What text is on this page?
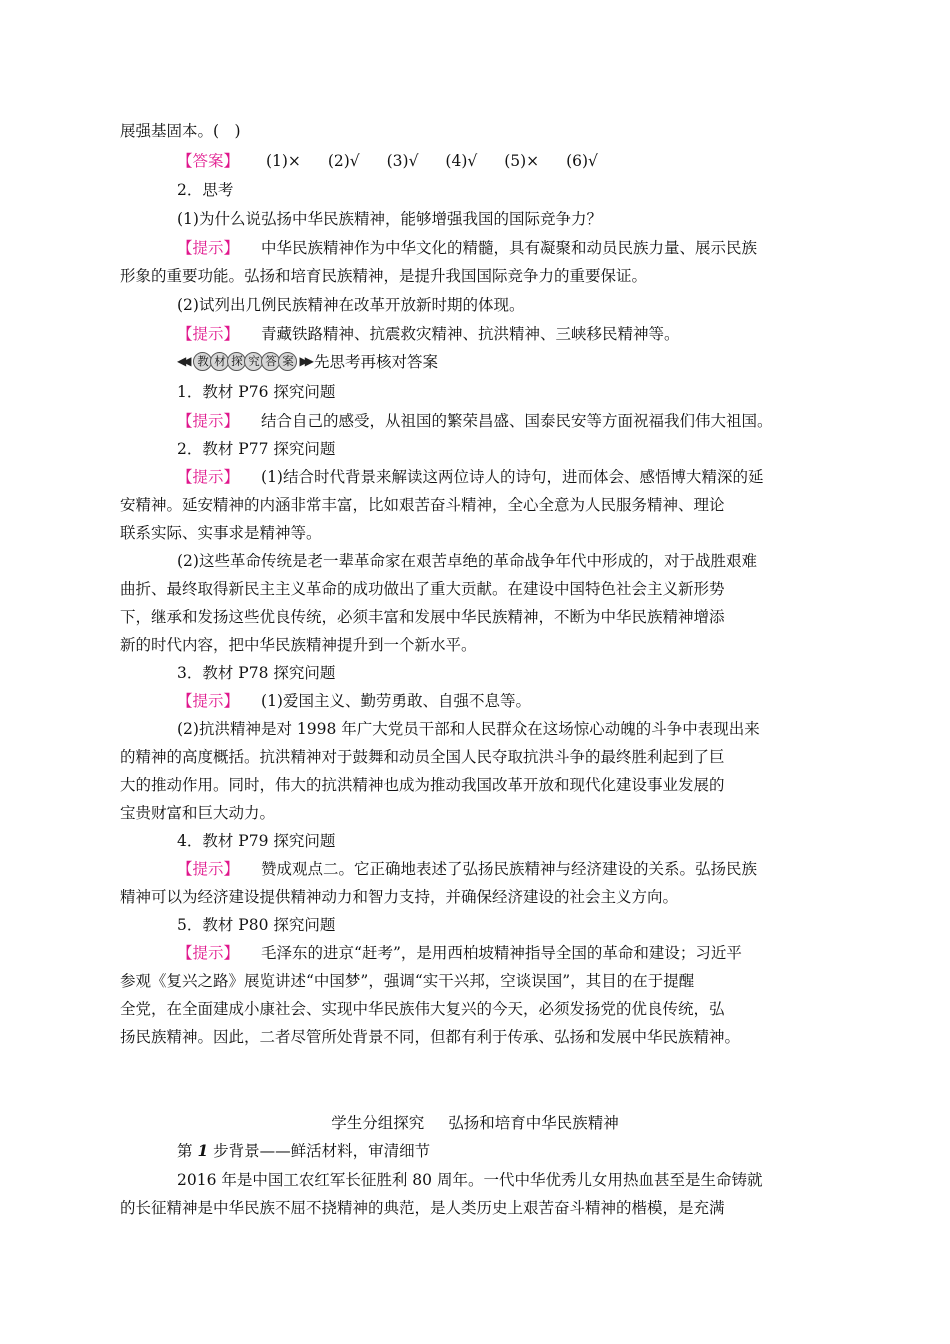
展强基固本。(　)
【答案】 (1)× (2)√ (3)√ (4)√ (5)× (6)√
2．思考
(1)为什么说弘扬中华民族精神，能够增强我国的国际竞争力？
【提示】 中华民族精神作为中华文化的精髓，具有凝聚和动员民族力量、展示民族
形象的重要功能。弘扬和培育民族精神，是提升我国国际竞争力的重要保证。
(2)试列出几例民族精神在改革开放新时期的体现。
【提示】 青藏铁路精神、抗震救灾精神、抗洪精神、三峡移民精神等。
◀◀ 教 材 探 究 答 案 ▶▶ 先思考再核对答案
1．教材 P76 探究问题
【提示】 结合自己的感受，从祖国的繁荣昌盛、国泰民安等方面祝福我们伟大祖国。
2．教材 P77 探究问题
【提示】 (1)结合时代背景来解读这两位诗人的诗句，进而体会、感悟博大精深的延
安精神。延安精神的内涵非常丰富，比如艰苦奋斗精神，全心全意为人民服务精神、理论
联系实际、实事求是精神等。
(2)这些革命传统是老一辈革命家在艰苦卓绝的革命战争年代中形成的，对于战胜艰难
曲折、最终取得新民主主义革命的成功做出了重大贡献。在建设中国特色社会主义新形势
下，继承和发扬这些优良传统，必须丰富和发展中华民族精神，不断为中华民族精神增添
新的时代内容，把中华民族精神提升到一个新水平。
3．教材 P78 探究问题
【提示】 (1)爱国主义、勤劳勇敢、自强不息等。
(2)抗洪精神是对 1998 年广大党员干部和人民群众在这场惊心动魄的斗争中表现出来
的精神的高度概括。抗洪精神对于鼓舞和动员全国人民夺取抗洪斗争的最终胜利起到了巨
大的推动作用。同时，伟大的抗洪精神也成为推动我国改革开放和现代化建设事业发展的
宝贵财富和巨大动力。
4．教材 P79 探究问题
【提示】 赞成观点二。它正确地表述了弘扬民族精神与经济建设的关系。弘扬民族
精神可以为经济建设提供精神动力和智力支持，并确保经济建设的社会主义方向。
5．教材 P80 探究问题
【提示】 毛泽东的进京“赶考”，是用西柏坡精神指导全国的革命和建设；习近平
参观《复兴之路》展览讲述“中国梦”，强调“实干兴邦，空谈误国”，其目的在于提醒
全党，在全面建成小康社会、实现中华民族伟大复兴的今天，必须发扬党的优良传统，弘
扬民族精神。因此，二者尽管所处背景不同，但都有利于传承、弘扬和发展中华民族精神。
学生分组探究 弘扬和培育中华民族精神
第 1 步背景——鲜活材料，审清细节
2016 年是中国工农红军长征胜利 80 周年。一代中华优秀儿女用热血甚至是生命铸就
的长征精神是中华民族不屈不挠精神的典范，是人类历史上艰苦奋斗精神的楷模，是充满
